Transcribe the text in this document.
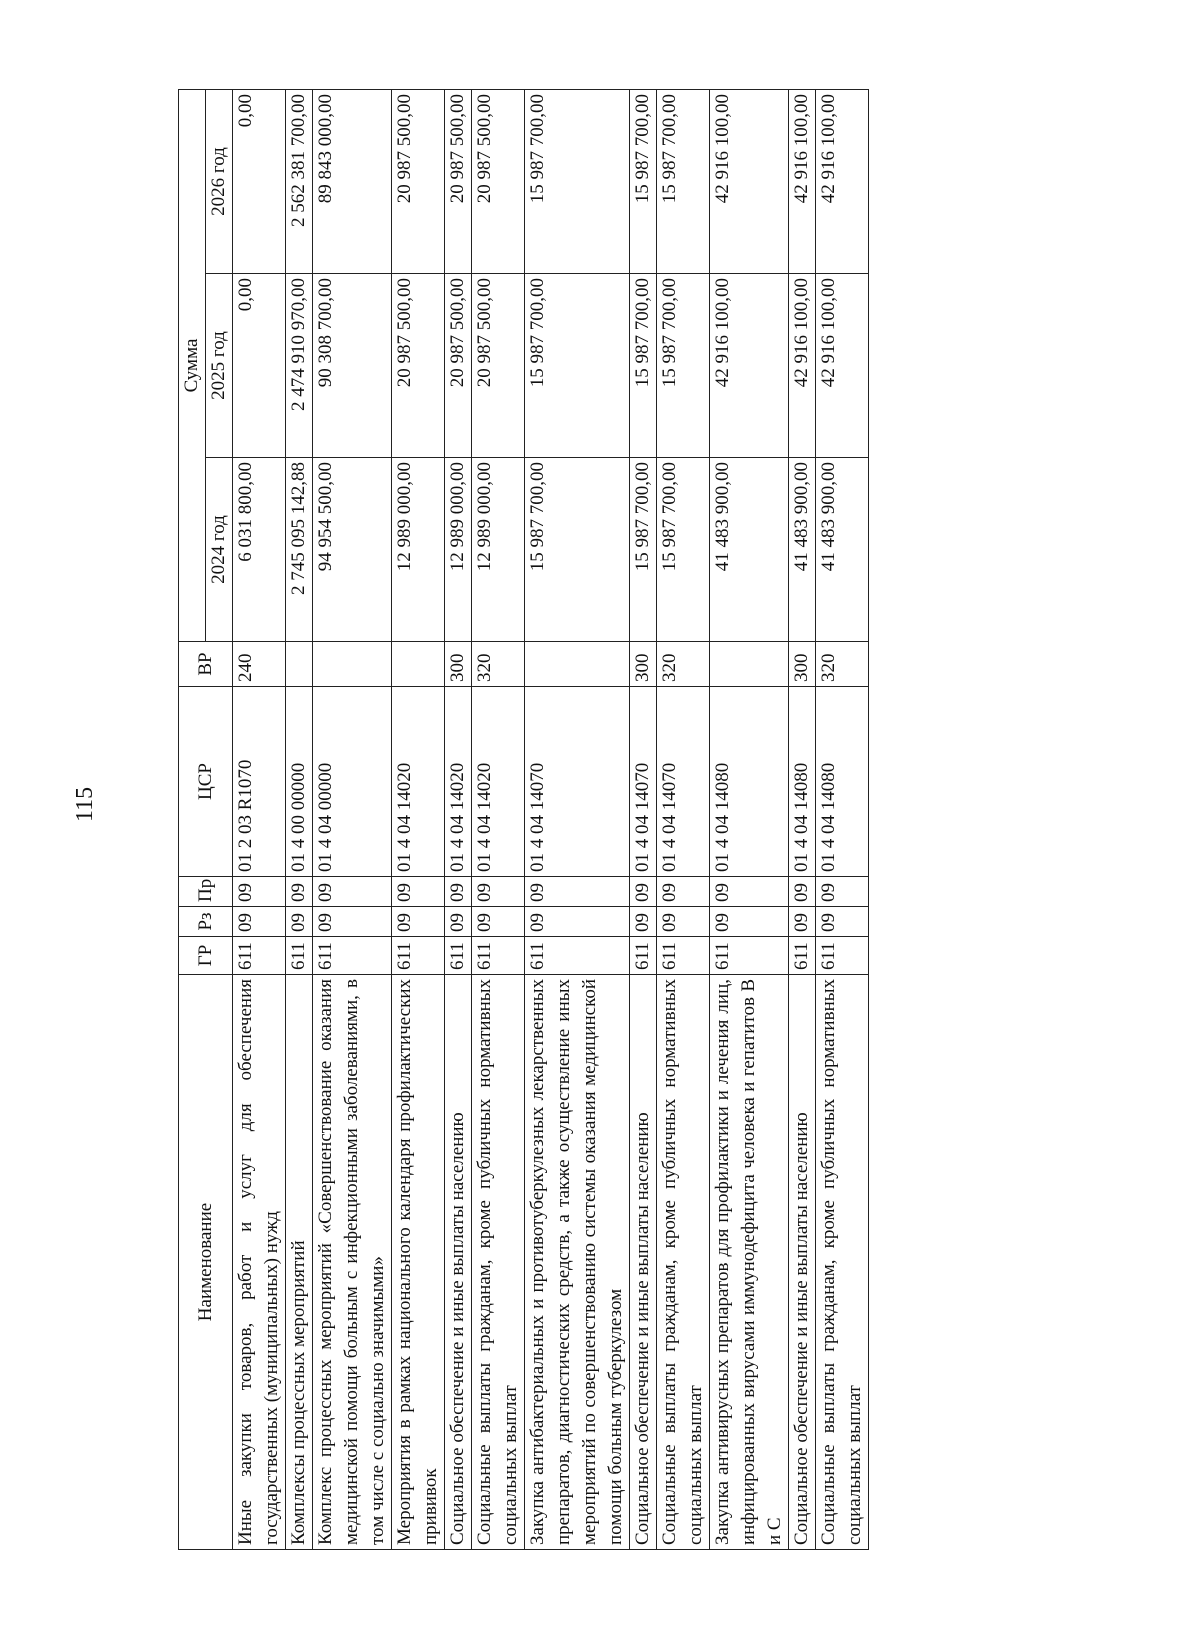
115
Наименование	ГР	Рз	Пр	ЦСР	ВР	Сумма		
						2024 год	2025 год	2026 год
Иные закупки товаров, работ и услуг для обеспечения государственных (муниципальных) нужд	611	09	09	01 2 03 R1070	240	6 031 800,00	0,00	0,00
Комплексы процессных мероприятий	611	09	09	01 4 00 00000		2 745 095 142,88	2 474 910 970,00	2 562 381 700,00
Комплекс процессных мероприятий «Совершенствование оказания медицинской помощи больным с инфекционными заболеваниями, в том числе с социально значимыми»	611	09	09	01 4 04 00000		94 954 500,00	90 308 700,00	89 843 000,00
Мероприятия в рамках национального календаря профилактических прививок	611	09	09	01 4 04 14020		12 989 000,00	20 987 500,00	20 987 500,00
Социальное обеспечение и иные выплаты населению	611	09	09	01 4 04 14020	300	12 989 000,00	20 987 500,00	20 987 500,00
Социальные выплаты гражданам, кроме публичных нормативных социальных выплат	611	09	09	01 4 04 14020	320	12 989 000,00	20 987 500,00	20 987 500,00
Закупка антибактериальных и противотуберкулезных лекарственных препаратов, диагностических средств, а также осуществление иных мероприятий по совершенствованию системы оказания медицинской помощи больным туберкулезом	611	09	09	01 4 04 14070		15 987 700,00	15 987 700,00	15 987 700,00
Социальное обеспечение и иные выплаты населению	611	09	09	01 4 04 14070	300	15 987 700,00	15 987 700,00	15 987 700,00
Социальные выплаты гражданам, кроме публичных нормативных социальных выплат	611	09	09	01 4 04 14070	320	15 987 700,00	15 987 700,00	15 987 700,00
Закупка антивирусных препаратов для профилактики и лечения лиц, инфицированных вирусами иммунодефицита человека и гепатитов B и C	611	09	09	01 4 04 14080		41 483 900,00	42 916 100,00	42 916 100,00
Социальное обеспечение и иные выплаты населению	611	09	09	01 4 04 14080	300	41 483 900,00	42 916 100,00	42 916 100,00
Социальные выплаты гражданам, кроме публичных нормативных социальных выплат	611	09	09	01 4 04 14080	320	41 483 900,00	42 916 100,00	42 916 100,00
